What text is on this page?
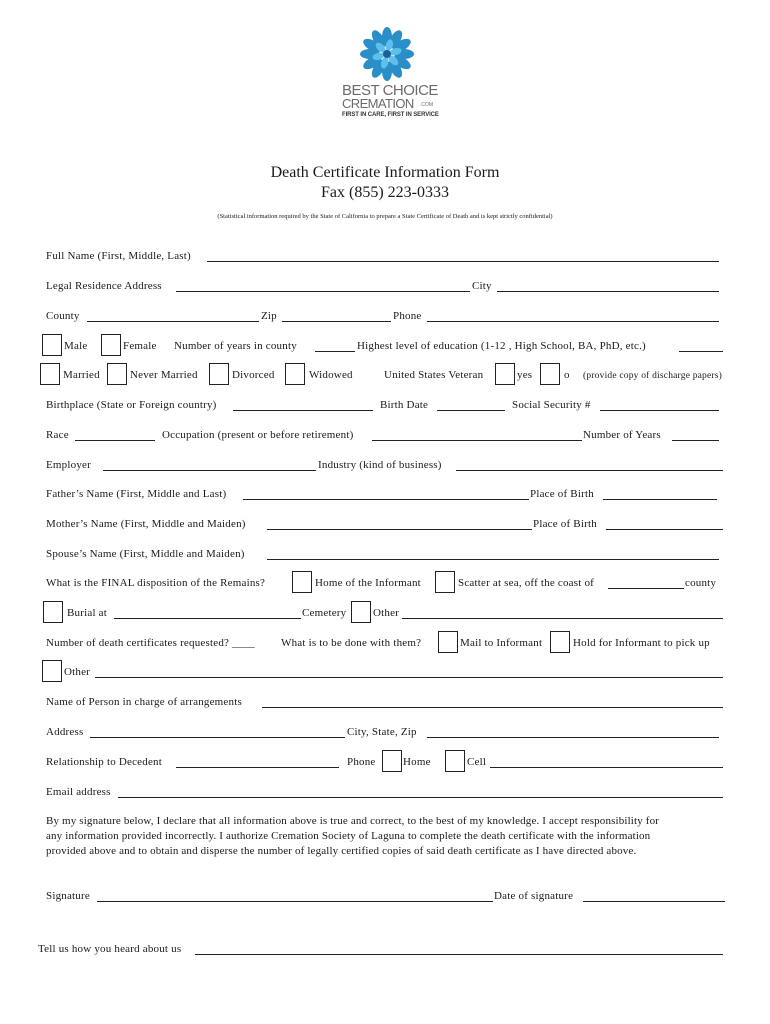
BEST CHOICE
CREMATION .COM
FIRST IN CARE, FIRST IN SERVICE
Death Certificate Information Form
Fax (855) 223-0333
(Statistical information required by the State of California to prepare a State Certificate of Death and is kept strictly confidential)
Full Name (First, Middle, Last)
Legal Residence Address	City
County	Zip	Phone
Male	Female Number of years in county	Highest level of education (1-12 , High School, BA, PhD, etc.)
Married	Never Married	Divorced	Widowed	United States Veteran	yes	o (provide copy of discharge papers)
Birthplace (State or Foreign country)	Birth Date	Social Security #
Race	Occupation (present or before retirement)	Number of Years
Employer	Industry (kind of business)
Father’s Name (First, Middle and Last)	Place of Birth
Mother’s Name (First, Middle and Maiden)	Place of Birth
Spouse’s Name (First, Middle and Maiden)
What is the FINAL disposition of the Remains?	Home of the Informant	Scatter at sea, off the coast of	county
Burial at	Cemetery Other
Number of death certificates requested? ____ What is to be done with them?	Mail to Informant	Hold for Informant to pick up
Other
Name of Person in charge of arrangements
Address	City, State, Zip
Relationship to Decedent	Phone	Home	Cell
Email address
By my signature below, I declare that all information above is true and correct, to the best of my knowledge. I accept responsibility for
any information provided incorrectly. I authorize Cremation Society of Laguna to complete the death certificate with the information
provided above and to obtain and disperse the number of legally certified copies of said death certificate as I have directed above.
Signature	Date of signature
Tell us how you heard about us
